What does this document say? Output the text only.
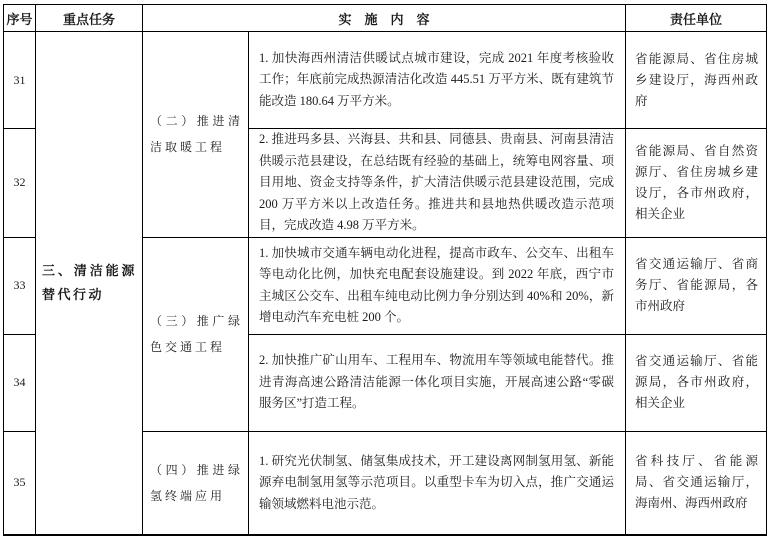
序号	重点任务	实　施　内　容		责任单位
31	三、清洁能源替代行动	（二）推进清洁取暖工程	1. 加快海西州清洁供暖试点城市建设，完成 2021 年度考核验收工作；年底前完成热源清洁化改造 445.51 万平方米、既有建筑节能改造 180.64 万平方米。	省能源局、省住房城乡建设厅，海西州政府
32			2. 推进玛多县、兴海县、共和县、同德县、贵南县、河南县清洁供暖示范县建设，在总结既有经验的基础上，统筹电网容量、项目用地、资金支持等条件，扩大清洁供暖示范县建设范围，完成 200 万平方米以上改造任务。推进共和县地热供暖改造示范项目，完成改造 4.98 万平方米。	省能源局、省自然资源厅、省住房城乡建设厅，各市州政府，相关企业
33		（三）推广绿色交通工程	1. 加快城市交通车辆电动化进程，提高市政车、公交车、出租车等电动化比例，加快充电配套设施建设。到 2022 年底，西宁市主城区公交车、出租车纯电动比例力争分别达到 40%和 20%，新增电动汽车充电桩 200 个。	省交通运输厅、省商务厅、省能源局，各市州政府
34			2. 加快推广矿山用车、工程用车、物流用车等领域电能替代。推进青海高速公路清洁能源一体化项目实施，开展高速公路“零碳服务区”打造工程。	省交通运输厅、省能源局，各市州政府，相关企业
35		（四）推进绿氢终端应用	1. 研究光伏制氢、储氢集成技术，开工建设离网制氢用氢、新能源弃电制氢用氢等示范项目。以重型卡车为切入点，推广交通运输领域燃料电池示范。	省科技厅、省能源局、省交通运输厅，海南州、海西州政府
